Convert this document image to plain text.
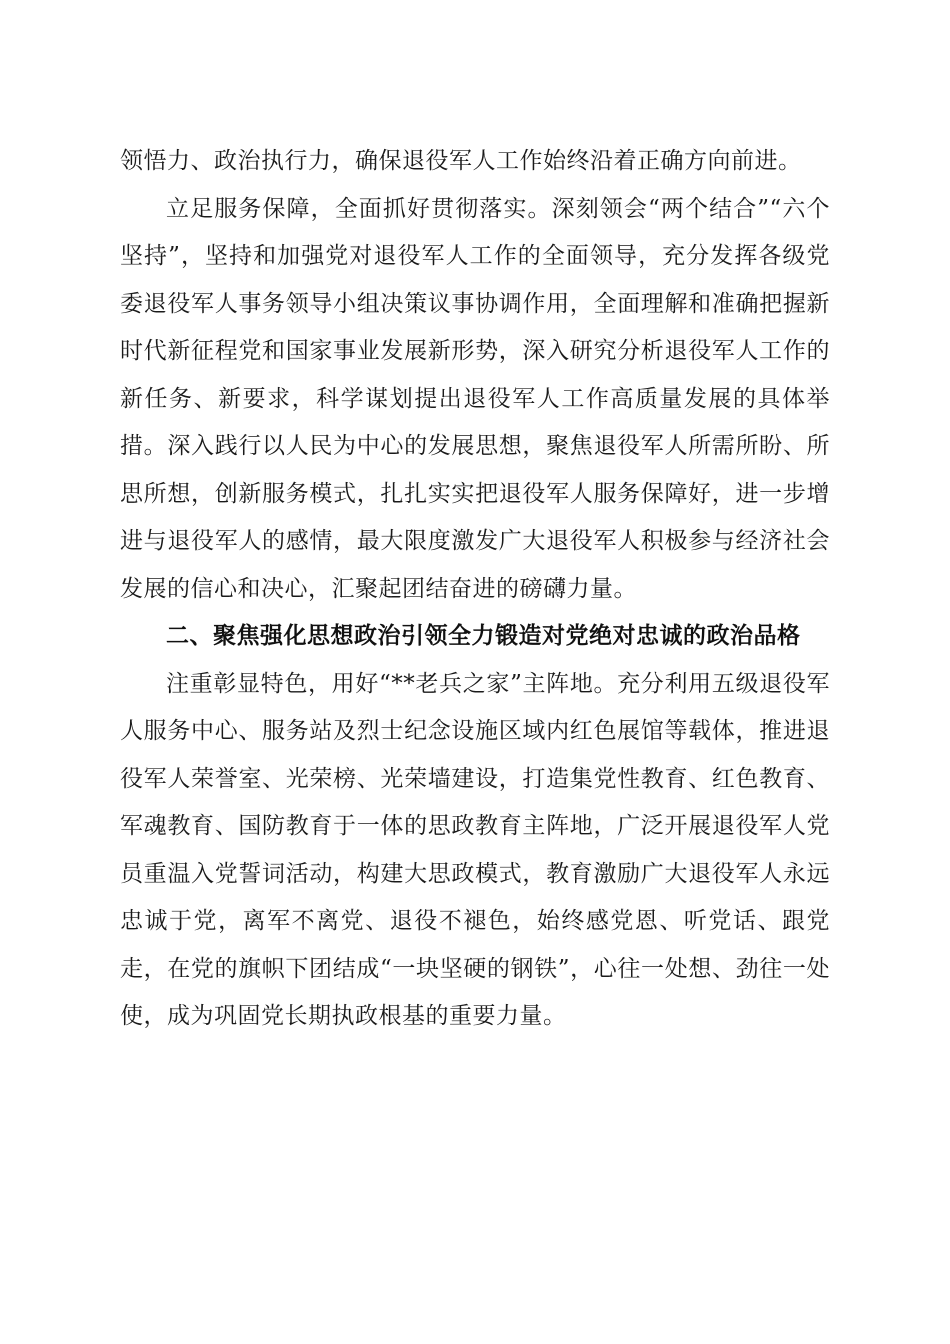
领悟力、政治执行力，确保退役军人工作始终沿着正确方向前进。

立足服务保障，全面抓好贯彻落实。深刻领会“两个结合”“六个坚持”，坚持和加强党对退役军人工作的全面领导，充分发挥各级党委退役军人事务领导小组决策议事协调作用，全面理解和准确把握新时代新征程党和国家事业发展新形势，深入研究分析退役军人工作的新任务、新要求，科学谋划提出退役军人工作高质量发展的具体举措。深入践行以人民为中心的发展思想，聚焦退役军人所需所盼、所思所想，创新服务模式，扎扎实实把退役军人服务保障好，进一步增进与退役军人的感情，最大限度激发广大退役军人积极参与经济社会发展的信心和决心，汇聚起团结奋进的磅礴力量。

二、聚焦强化思想政治引领全力锻造对党绝对忠诚的政治品格

注重彰显特色，用好“**老兵之家”主阵地。充分利用五级退役军人服务中心、服务站及烈士纪念设施区域内红色展馆等载体，推进退役军人荣誉室、光荣榜、光荣墙建设，打造集党性教育、红色教育、军魂教育、国防教育于一体的思政教育主阵地，广泛开展退役军人党员重温入党誓词活动，构建大思政模式，教育激励广大退役军人永远忠诚于党，离军不离党、退役不褪色，始终感党恩、听党话、跟党走，在党的旗帜下团结成“一块坚硬的钢铁”，心往一处想、劲往一处使，成为巩固党长期执政根基的重要力量。
